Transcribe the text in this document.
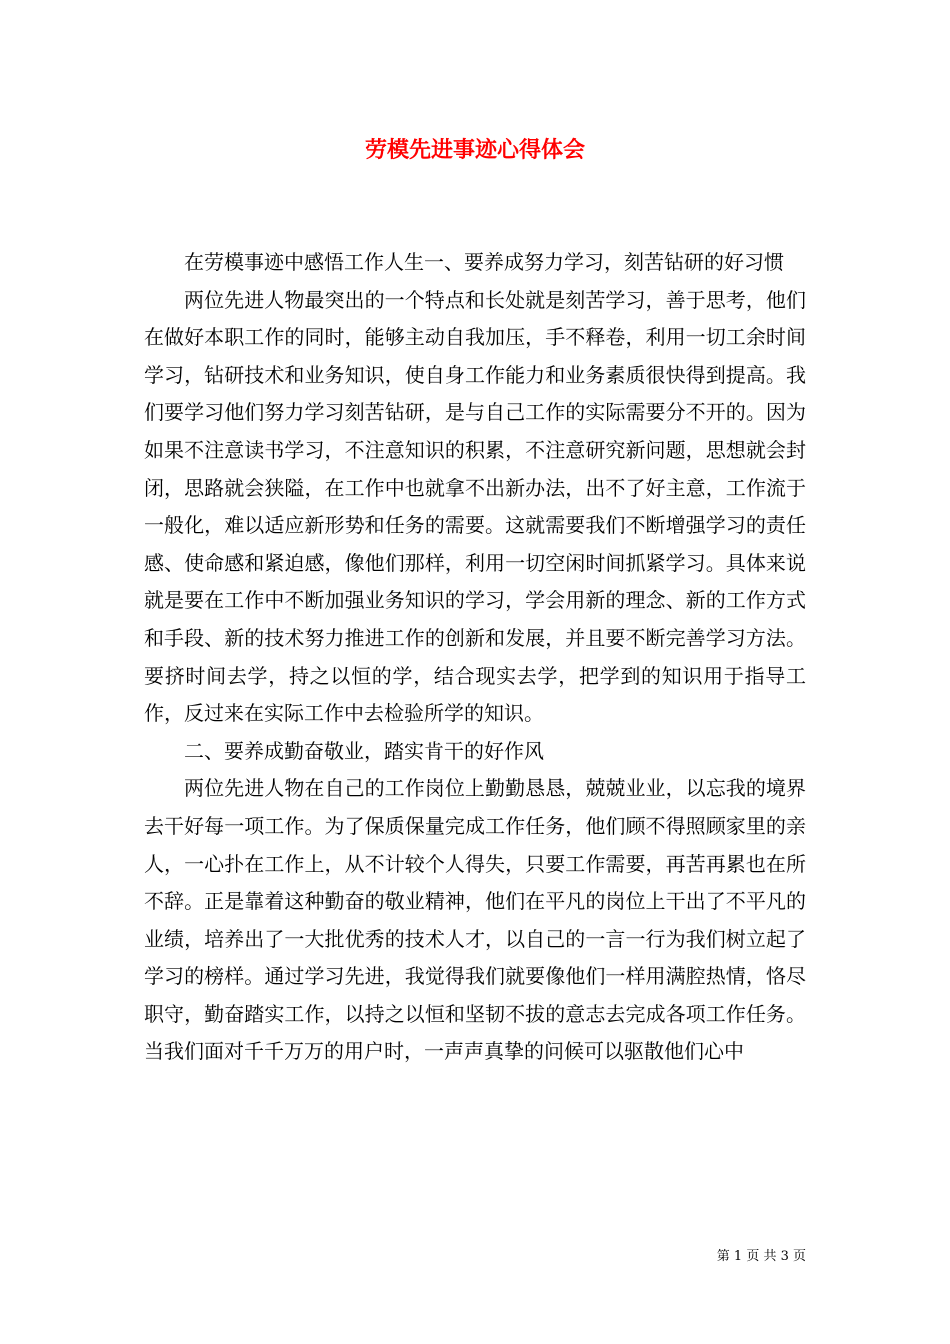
劳模先进事迹心得体会

在劳模事迹中感悟工作人生一、要养成努力学习，刻苦钻研的好习惯

两位先进人物最突出的一个特点和长处就是刻苦学习，善于思考，他们在做好本职工作的同时，能够主动自我加压，手不释卷，利用一切工余时间学习，钻研技术和业务知识，使自身工作能力和业务素质很快得到提高。我们要学习他们努力学习刻苦钻研，是与自己工作的实际需要分不开的。因为如果不注意读书学习，不注意知识的积累，不注意研究新问题，思想就会封闭，思路就会狭隘，在工作中也就拿不出新办法，出不了好主意，工作流于一般化，难以适应新形势和任务的需要。这就需要我们不断增强学习的责任感、使命感和紧迫感，像他们那样，利用一切空闲时间抓紧学习。具体来说就是要在工作中不断加强业务知识的学习，学会用新的理念、新的工作方式和手段、新的技术努力推进工作的创新和发展，并且要不断完善学习方法。要挤时间去学，持之以恒的学，结合现实去学，把学到的知识用于指导工作，反过来在实际工作中去检验所学的知识。

二、要养成勤奋敬业，踏实肯干的好作风

两位先进人物在自己的工作岗位上勤勤恳恳，兢兢业业，以忘我的境界去干好每一项工作。为了保质保量完成工作任务，他们顾不得照顾家里的亲人，一心扑在工作上，从不计较个人得失，只要工作需要，再苦再累也在所不辞。正是靠着这种勤奋的敬业精神，他们在平凡的岗位上干出了不平凡的业绩，培养出了一大批优秀的技术人才，以自己的一言一行为我们树立起了学习的榜样。通过学习先进，我觉得我们就要像他们一样用满腔热情，恪尽职守，勤奋踏实工作，以持之以恒和坚韧不拔的意志去完成各项工作任务。当我们面对千千万万的用户时，一声声真挚的问候可以驱散他们心中

第 1 页 共 3 页
